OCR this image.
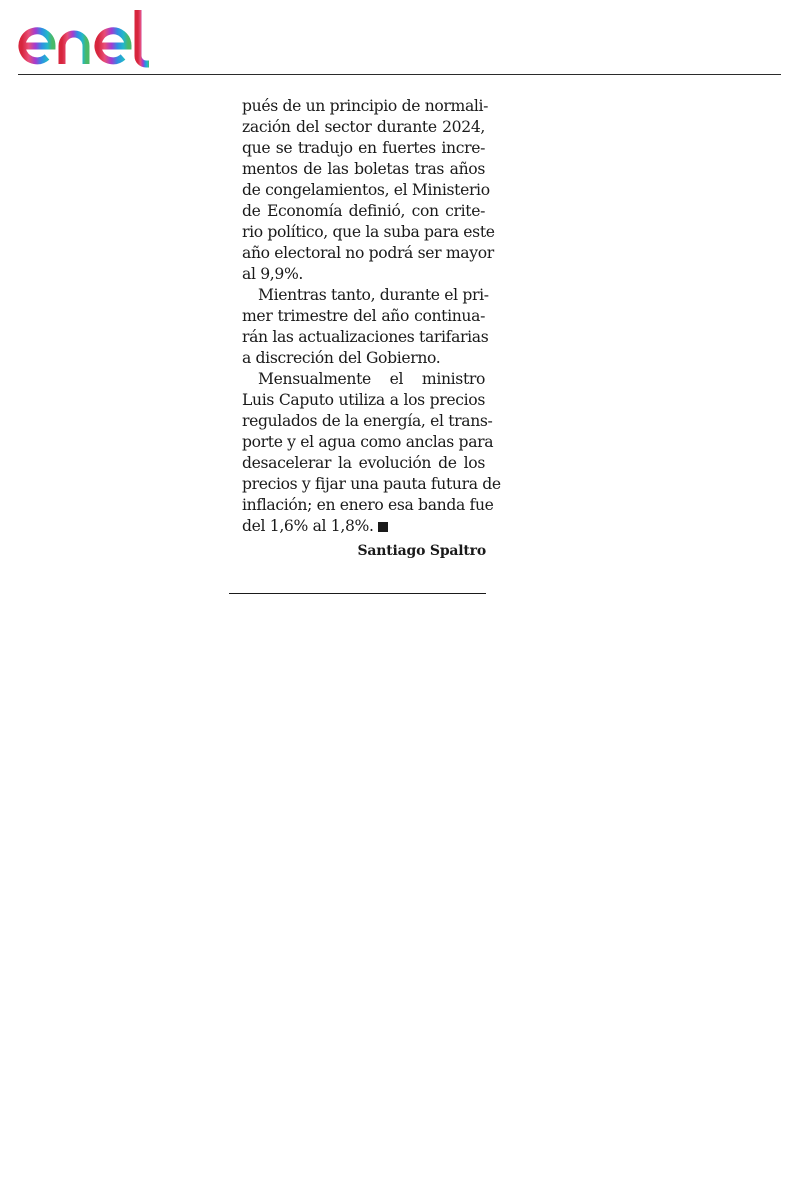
pués de un principio de normali-
zación del sector durante 2024,
que se tradujo en fuertes incre-
mentos de las boletas tras años
de congelamientos, el Ministerio
de Economía definió, con crite-
rio político, que la suba para este
año electoral no podrá ser mayor
al 9,9%.
Mientras tanto, durante el pri-
mer trimestre del año continua-
rán las actualizaciones tarifarias
a discreción del Gobierno.
Mensualmente el ministro
Luis Caputo utiliza a los precios
regulados de la energía, el trans-
porte y el agua como anclas para
desacelerar la evolución de los
precios y fijar una pauta futura de
inflación; en enero esa banda fue
del 1,6% al 1,8%.
Santiago Spaltro
